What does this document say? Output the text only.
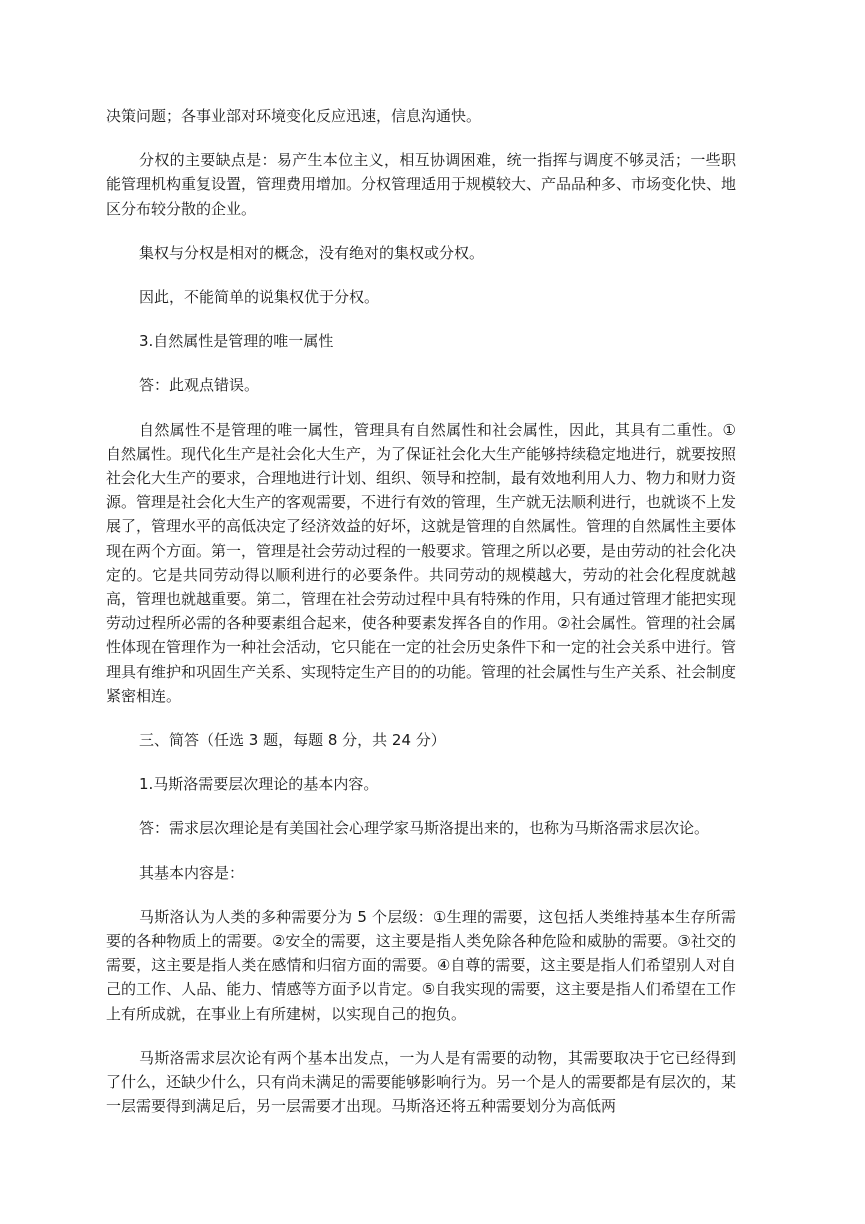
决策问题；各事业部对环境变化反应迅速，信息沟通快。

分权的主要缺点是：易产生本位主义，相互协调困难，统一指挥与调度不够灵活；一些职能管理机构重复设置，管理费用增加。分权管理适用于规模较大、产品品种多、市场变化快、地区分布较分散的企业。

集权与分权是相对的概念，没有绝对的集权或分权。

因此，不能简单的说集权优于分权。

3.自然属性是管理的唯一属性

答：此观点错误。

自然属性不是管理的唯一属性，管理具有自然属性和社会属性，因此，其具有二重性。①自然属性。现代化生产是社会化大生产，为了保证社会化大生产能够持续稳定地进行，就要按照社会化大生产的要求，合理地进行计划、组织、领导和控制，最有效地利用人力、物力和财力资源。管理是社会化大生产的客观需要，不进行有效的管理，生产就无法顺利进行，也就谈不上发展了，管理水平的高低决定了经济效益的好坏，这就是管理的自然属性。管理的自然属性主要体现在两个方面。第一，管理是社会劳动过程的一般要求。管理之所以必要，是由劳动的社会化决定的。它是共同劳动得以顺利进行的必要条件。共同劳动的规模越大，劳动的社会化程度就越高，管理也就越重要。第二，管理在社会劳动过程中具有特殊的作用，只有通过管理才能把实现劳动过程所必需的各种要素组合起来，使各种要素发挥各自的作用。②社会属性。管理的社会属性体现在管理作为一种社会活动，它只能在一定的社会历史条件下和一定的社会关系中进行。管理具有维护和巩固生产关系、实现特定生产目的的功能。管理的社会属性与生产关系、社会制度紧密相连。

三、简答（任选 3 题，每题 8 分，共 24 分）

1.马斯洛需要层次理论的基本内容。

答：需求层次理论是有美国社会心理学家马斯洛提出来的，也称为马斯洛需求层次论。

其基本内容是：

马斯洛认为人类的多种需要分为 5 个层级：①生理的需要，这包括人类维持基本生存所需要的各种物质上的需要。②安全的需要，这主要是指人类免除各种危险和威胁的需要。③社交的需要，这主要是指人类在感情和归宿方面的需要。④自尊的需要，这主要是指人们希望别人对自己的工作、人品、能力、情感等方面予以肯定。⑤自我实现的需要，这主要是指人们希望在工作上有所成就，在事业上有所建树，以实现自己的抱负。

马斯洛需求层次论有两个基本出发点，一为人是有需要的动物，其需要取决于它已经得到了什么，还缺少什么，只有尚未满足的需要能够影响行为。另一个是人的需要都是有层次的，某一层需要得到满足后，另一层需要才出现。马斯洛还将五种需要划分为高低两
